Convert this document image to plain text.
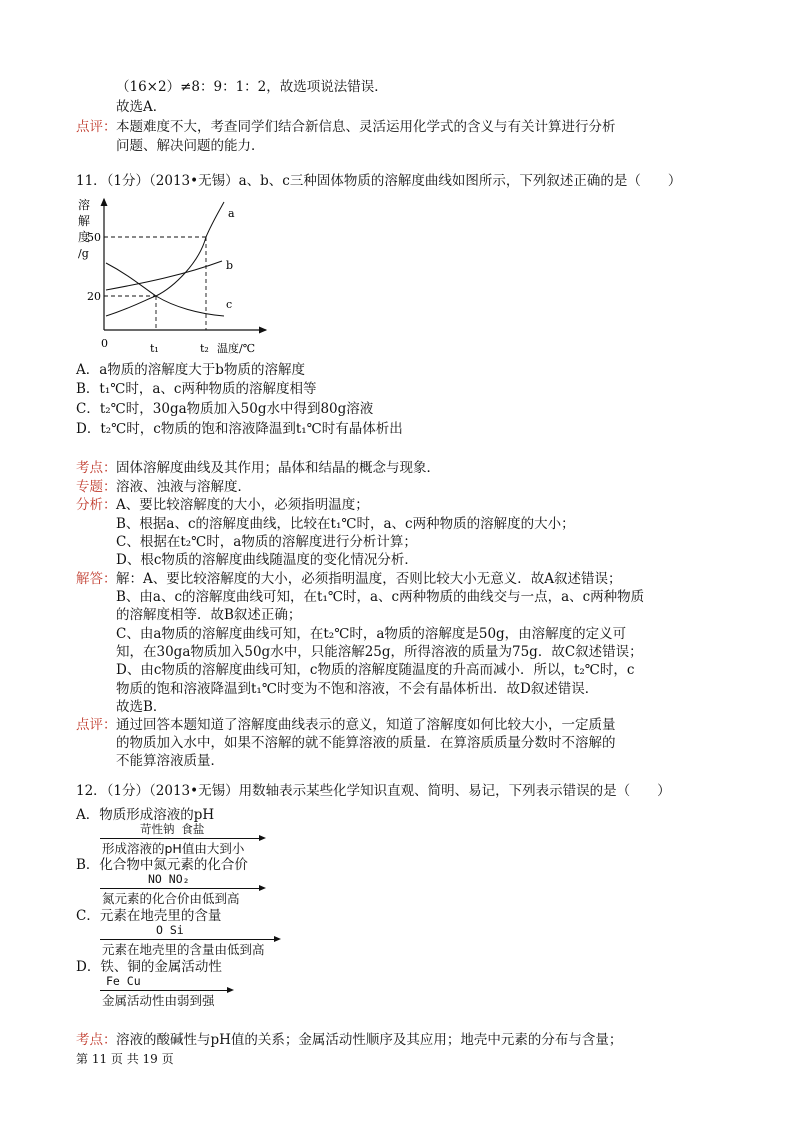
（16×2）≠8：9：1：2，故选项说法错误．
故选A．
点评： 本题难度不大，考查同学们结合新信息、灵活运用化学式的含义与有关计算进行分析
问题、解决问题的能力．
11．（1分）（2013•无锡）a、b、c三种固体物质的溶解度曲线如图所示，下列叙述正确的是（　　）
溶
解
度
/g
a
b
c
50
20
0	t₁	t₂ 温度/℃
A．a物质的溶解度大于b物质的溶解度
B．t₁℃时，a、c两种物质的溶解度相等
C．t₂℃时，30ga物质加入50g水中得到80g溶液
D．t₂℃时，c物质的饱和溶液降温到t₁℃时有晶体析出
考点： 固体溶解度曲线及其作用；晶体和结晶的概念与现象．
专题： 溶液、浊液与溶解度．
分析： A、要比较溶解度的大小，必须指明温度；
B、根据a、c的溶解度曲线，比较在t₁℃时，a、c两种物质的溶解度的大小；
C、根据在t₂℃时，a物质的溶解度进行分析计算；
D、根c物质的溶解度曲线随温度的变化情况分析．
解答： 解：A、要比较溶解度的大小，必须指明温度，否则比较大小无意义．故A叙述错误；
B、由a、c的溶解度曲线可知，在t₁℃时，a、c两种物质的曲线交与一点，a、c两种物质
的溶解度相等．故B叙述正确；
C、由a物质的溶解度曲线可知，在t₂℃时，a物质的溶解度是50g，由溶解度的定义可
知，在30ga物质加入50g水中，只能溶解25g，所得溶液的质量为75g．故C叙述错误；
D、由c物质的溶解度曲线可知，c物质的溶解度随温度的升高而减小．所以，t₂℃时，c
物质的饱和溶液降温到t₁℃时变为不饱和溶液，不会有晶体析出．故D叙述错误．
故选B．
点评： 通过回答本题知道了溶解度曲线表示的意义，知道了溶解度如何比较大小，一定质量
的物质加入水中，如果不溶解的就不能算溶液的质量．在算溶质质量分数时不溶解的
不能算溶液质量．
12．（1分）（2013•无锡）用数轴表示某些化学知识直观、简明、易记，下列表示错误的是（　　）
A．物质形成溶液的pH
苛性钠 食盐
形成溶液的pH值由大到小
B．化合物中氮元素的化合价
NO NO₂
氮元素的化合价由低到高
C．元素在地壳里的含量
O Si
元素在地壳里的含量由低到高
D．铁、铜的金属活动性
Fe Cu
金属活动性由弱到强
考点： 溶液的酸碱性与pH值的关系；金属活动性顺序及其应用；地壳中元素的分布与含量；
第 11 页 共 19 页
